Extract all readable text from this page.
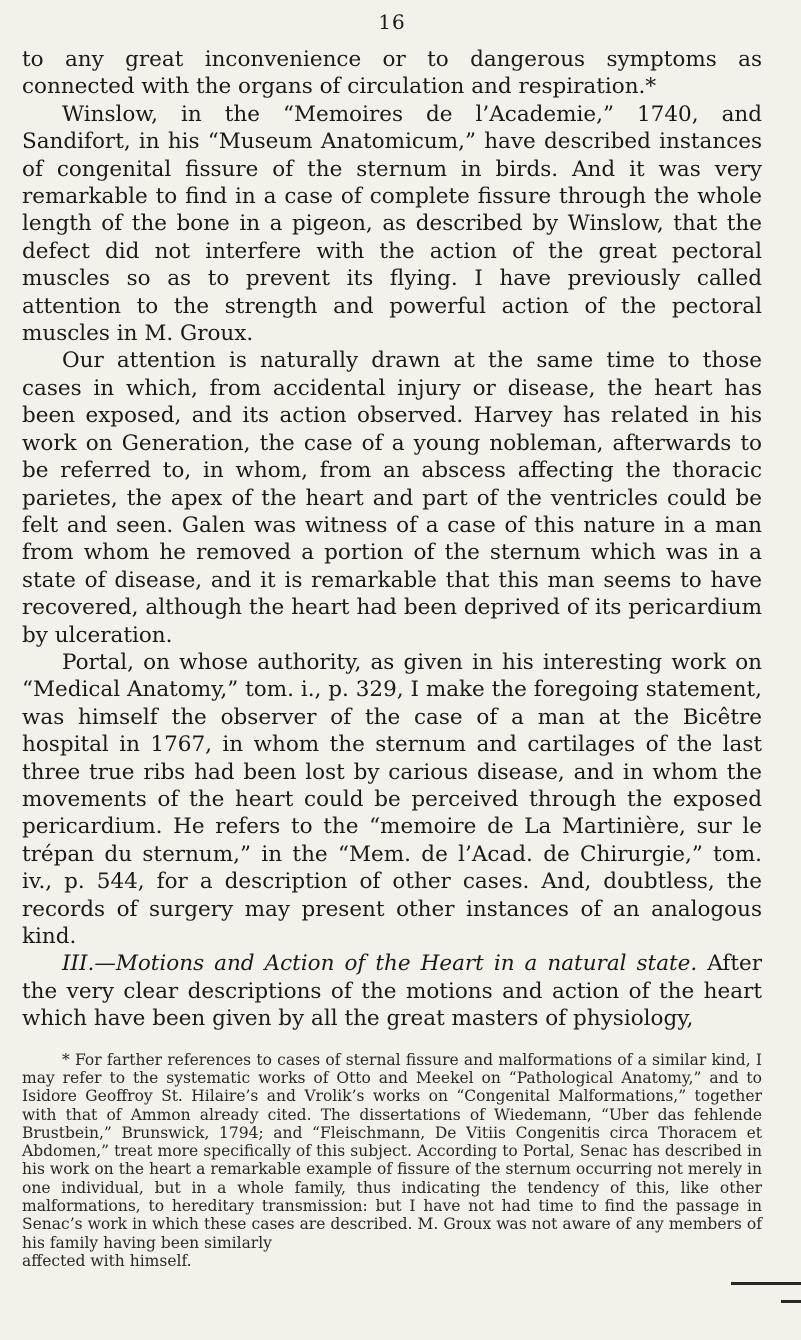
16

to any great inconvenience or to dangerous symptoms as connected with the organs of circulation and respiration.*

Winslow, in the “Memoires de l’Academie,” 1740, and Sandifort, in his “Museum Anatomicum,” have described instances of congenital fissure of the sternum in birds. And it was very remarkable to find in a case of complete fissure through the whole length of the bone in a pigeon, as described by Winslow, that the defect did not interfere with the action of the great pectoral muscles so as to prevent its flying. I have previously called attention to the strength and powerful action of the pectoral muscles in M. Groux.

Our attention is naturally drawn at the same time to those cases in which, from accidental injury or disease, the heart has been exposed, and its action observed. Harvey has related in his work on Generation, the case of a young nobleman, afterwards to be referred to, in whom, from an abscess affecting the thoracic parietes, the apex of the heart and part of the ventricles could be felt and seen. Galen was witness of a case of this nature in a man from whom he removed a portion of the sternum which was in a state of disease, and it is remarkable that this man seems to have recovered, although the heart had been deprived of its pericardium by ulceration.

Portal, on whose authority, as given in his interesting work on “Medical Anatomy,” tom. i., p. 329, I make the foregoing statement, was himself the observer of the case of a man at the Bicêtre hospital in 1767, in whom the sternum and cartilages of the last three true ribs had been lost by carious disease, and in whom the movements of the heart could be perceived through the exposed pericardium. He refers to the “memoire de La Martinière, sur le trépan du sternum,” in the “Mem. de l’Acad. de Chirurgie,” tom. iv., p. 544, for a description of other cases. And, doubtless, the records of surgery may present other instances of an analogous kind.

III.—Motions and Action of the Heart in a natural state. After the very clear descriptions of the motions and action of the heart which have been given by all the great masters of physiology,

* For farther references to cases of sternal fissure and malformations of a similar kind, I may refer to the systematic works of Otto and Meekel on “Pathological Anatomy,” and to Isidore Geoffroy St. Hilaire’s and Vrolik’s works on “Congenital Malformations,” together with that of Ammon already cited. The dissertations of Wiedemann, “Uber das fehlende Brustbein,” Brunswick, 1794; and “Fleischmann, De Vitiis Congenitis circa Thoracem et Abdomen,” treat more specifically of this subject. According to Portal, Senac has described in his work on the heart a remarkable example of fissure of the sternum occurring not merely in one individual, but in a whole family, thus indicating the tendency of this, like other malformations, to hereditary transmission: but I have not had time to find the passage in Senac’s work in which these cases are described. M. Groux was not aware of any members of his family having been similarly

affected with himself.
